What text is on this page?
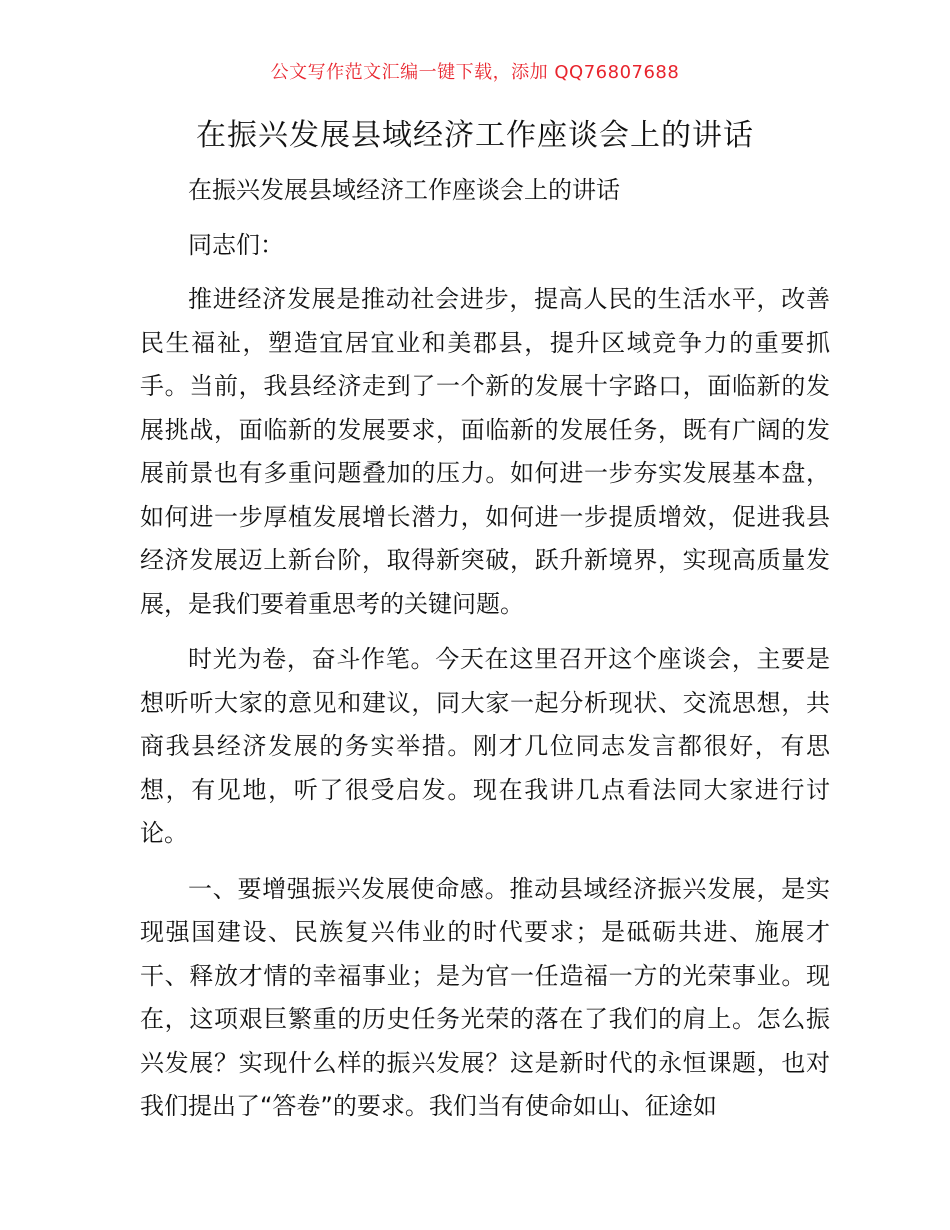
公文写作范文汇编一键下载，添加 QQ76807688
在振兴发展县域经济工作座谈会上的讲话
在振兴发展县域经济工作座谈会上的讲话
同志们：

推进经济发展是推动社会进步，提高人民的生活水平，改善民生福祉，塑造宜居宜业和美郡县，提升区域竞争力的重要抓手。当前，我县经济走到了一个新的发展十字路口，面临新的发展挑战，面临新的发展要求，面临新的发展任务，既有广阔的发展前景也有多重问题叠加的压力。如何进一步夯实发展基本盘，如何进一步厚植发展增长潜力，如何进一步提质增效，促进我县经济发展迈上新台阶，取得新突破，跃升新境界，实现高质量发展，是我们要着重思考的关键问题。

时光为卷，奋斗作笔。今天在这里召开这个座谈会，主要是想听听大家的意见和建议，同大家一起分析现状、交流思想，共商我县经济发展的务实举措。刚才几位同志发言都很好，有思想，有见地，听了很受启发。现在我讲几点看法同大家进行讨论。

一、要增强振兴发展使命感。推动县域经济振兴发展，是实现强国建设、民族复兴伟业的时代要求；是砥砺共进、施展才干、释放才情的幸福事业；是为官一任造福一方的光荣事业。现在，这项艰巨繁重的历史任务光荣的落在了我们的肩上。怎么振兴发展？实现什么样的振兴发展？这是新时代的永恒课题，也对我们提出了“答卷”的要求。我们当有使命如山、征途如
